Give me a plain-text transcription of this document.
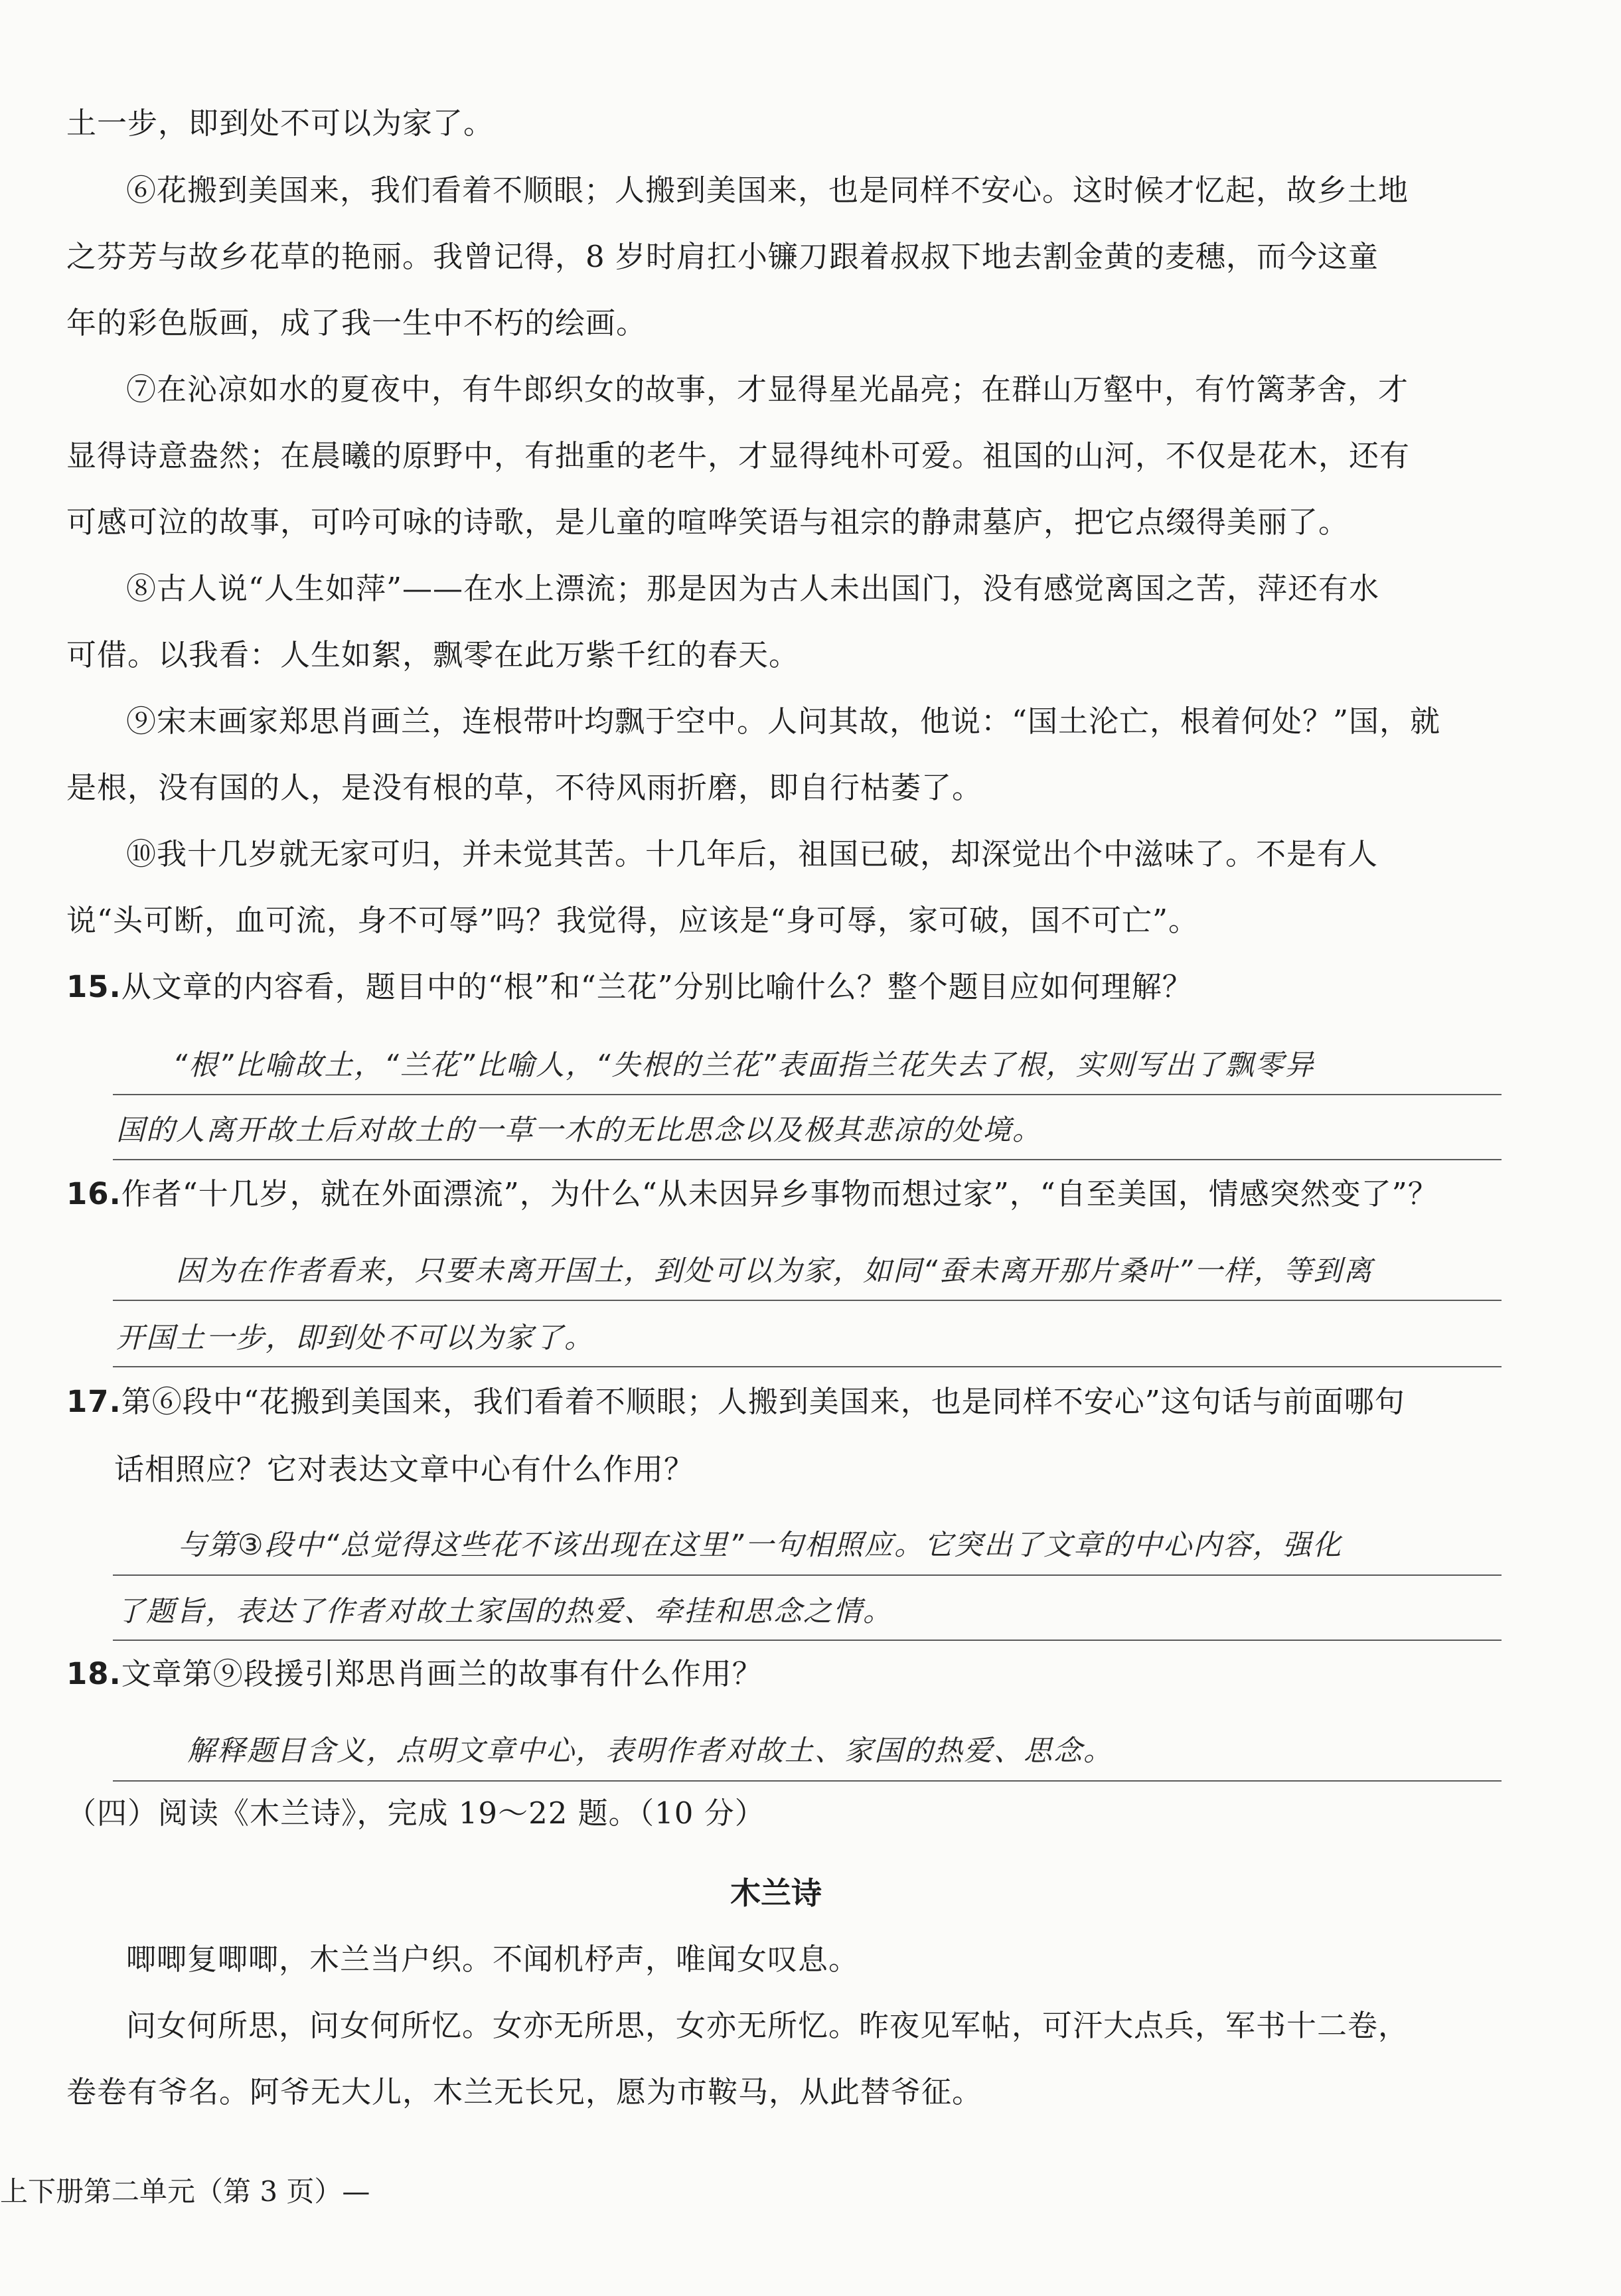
土一步，即到处不可以为家了。
⑥花搬到美国来，我们看着不顺眼；人搬到美国来，也是同样不安心。这时候才忆起，故乡土地
之芬芳与故乡花草的艳丽。我曾记得，8 岁时肩扛小镰刀跟着叔叔下地去割金黄的麦穗，而今这童
年的彩色版画，成了我一生中不朽的绘画。
⑦在沁凉如水的夏夜中，有牛郎织女的故事，才显得星光晶亮；在群山万壑中，有竹篱茅舍，才
显得诗意盎然；在晨曦的原野中，有拙重的老牛，才显得纯朴可爱。祖国的山河，不仅是花木，还有
可感可泣的故事，可吟可咏的诗歌，是儿童的喧哗笑语与祖宗的静肃墓庐，把它点缀得美丽了。
⑧古人说“人生如萍”——在水上漂流；那是因为古人未出国门，没有感觉离国之苦，萍还有水
可借。以我看：人生如絮，飘零在此万紫千红的春天。
⑨宋末画家郑思肖画兰，连根带叶均飘于空中。人问其故，他说：“国土沦亡，根着何处？”国，就
是根，没有国的人，是没有根的草，不待风雨折磨，即自行枯萎了。
⑩我十几岁就无家可归，并未觉其苦。十几年后，祖国已破，却深觉出个中滋味了。不是有人
说“头可断，血可流，身不可辱”吗？我觉得，应该是“身可辱，家可破，国不可亡”。
15.从文章的内容看，题目中的“根”和“兰花”分别比喻什么？整个题目应如何理解？
“根”比喻故土，“兰花”比喻人，“失根的兰花”表面指兰花失去了根，实则写出了飘零异
国的人离开故土后对故土的一草一木的无比思念以及极其悲凉的处境。
16.作者“十几岁，就在外面漂流”，为什么“从未因异乡事物而想过家”，“自至美国，情感突然变了”？
因为在作者看来，只要未离开国土，到处可以为家，如同“蚕未离开那片桑叶”一样，等到离
开国土一步，即到处不可以为家了。
17.第⑥段中“花搬到美国来，我们看着不顺眼；人搬到美国来，也是同样不安心”这句话与前面哪句
话相照应？它对表达文章中心有什么作用？
与第③段中“总觉得这些花不该出现在这里”一句相照应。它突出了文章的中心内容，强化
了题旨，表达了作者对故土家国的热爱、牵挂和思念之情。
18.文章第⑨段援引郑思肖画兰的故事有什么作用？
解释题目含义，点明文章中心，表明作者对故土、家国的热爱、思念。
（四）阅读《木兰诗》，完成 19～22 题。（10 分）
木兰诗
唧唧复唧唧，木兰当户织。不闻机杼声，唯闻女叹息。
问女何所思，问女何所忆。女亦无所思，女亦无所忆。昨夜见军帖，可汗大点兵，军书十二卷，
卷卷有爷名。阿爷无大儿，木兰无长兄，愿为市鞍马，从此替爷征。
上下册第二单元（第 3 页）—
